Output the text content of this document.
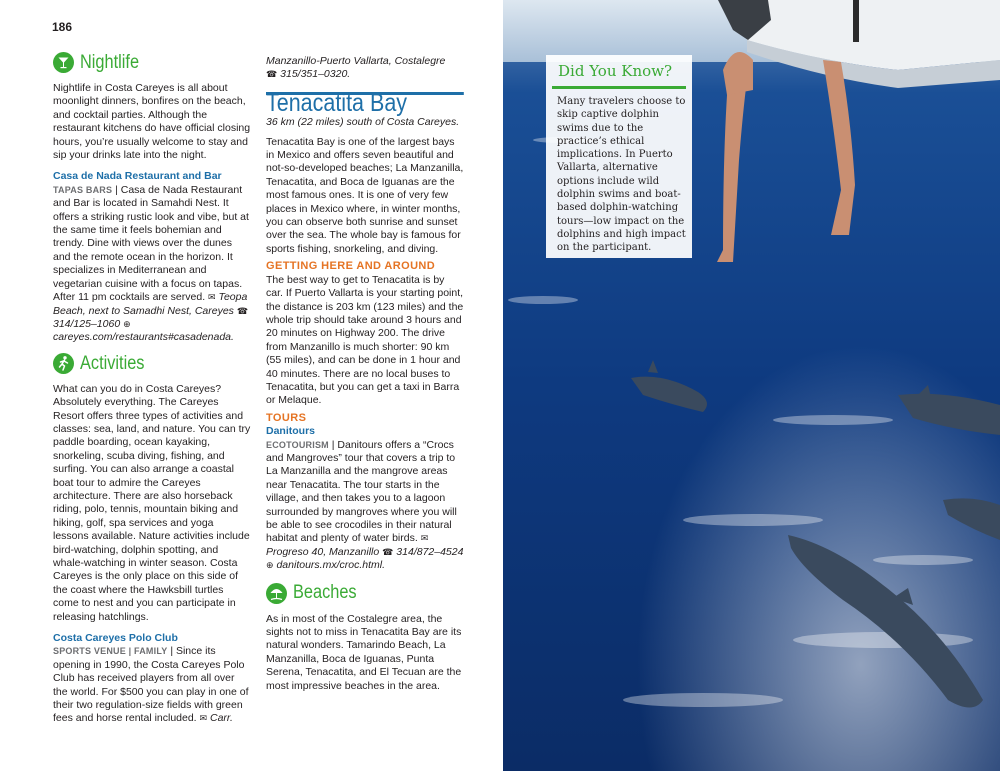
186
Nightlife

Nightlife in Costa Careyes is all about moonlight dinners, bonfires on the beach, and cocktail parties. Although the restaurant kitchens do have official closing hours, you’re usually welcome to stay and sip your drinks late into the night.

Casa de Nada Restaurant and Bar

TAPAS BARS | Casa de Nada Restaurant and Bar is located in Samahdi Nest. It offers a striking rustic look and vibe, but at the same time it feels bohemian and trendy. Dine with views over the dunes and the remote ocean in the horizon. It specializes in Mediterranean and vegetarian cuisine with a focus on tapas. After 11 pm cocktails are served. ✉ Teopa Beach, next to Samadhi Nest, Careyes ☎ 314/125–1060 ⊕ careyes.com/restaurants#casadenada.

Activities

What can you do in Costa Careyes? Absolutely everything. The Careyes Resort offers three types of activities and classes: sea, land, and nature. You can try paddle boarding, ocean kayaking, snorkeling, scuba diving, fishing, and surfing. You can also arrange a coastal boat tour to admire the Careyes architecture. There are also horseback riding, polo, tennis, mountain biking and hiking, golf, spa services and yoga lessons available. Nature activities include bird-watching, dolphin spotting, and whale-watching in winter season. Costa Careyes is the only place on this side of the coast where the Hawksbill turtles come to nest and you can participate in releasing hatchlings.

Costa Careyes Polo Club

SPORTS VENUE | FAMILY | Since its opening in 1990, the Costa Careyes Polo Club has received players from all over the world. For $500 you can play in one of their two regulation-size fields with green fees and horse rental included. ✉ Carr.

Manzanillo-Puerto Vallarta, Costalegre
☎ 315/351–0320.

Tenacatita Bay

36 km (22 miles) south of Costa Careyes.

Tenacatita Bay is one of the largest bays in Mexico and offers seven beautiful and not-so-developed beaches; La Manzanilla, Tenacatita, and Boca de Iguanas are the most famous ones. It is one of very few places in Mexico where, in winter months, you can observe both sunrise and sunset over the sea. The whole bay is famous for sports fishing, snorkeling, and diving.

GETTING HERE AND AROUND

The best way to get to Tenacatita is by car. If Puerto Vallarta is your starting point, the distance is 203 km (123 miles) and the whole trip should take around 3 hours and 20 minutes on Highway 200. The drive from Manzanillo is much shorter: 90 km (55 miles), and can be done in 1 hour and 40 minutes. There are no local buses to Tenacatita, but you can get a taxi in Barra or Melaque.

TOURS
Danitours

ECOTOURISM | Danitours offers a “Crocs and Mangroves” tour that covers a trip to La Manzanilla and the mangrove areas near Tenacatita. The tour starts in the village, and then takes you to a lagoon surrounded by mangroves where you will be able to see crocodiles in their natural habitat and plenty of water birds. ✉ Progreso 40, Manzanillo ☎ 314/872–4524 ⊕ danitours.mx/croc.html.

Beaches

As in most of the Costalegre area, the sights not to miss in Tenacatita Bay are its natural wonders. Tamarindo Beach, La Manzanilla, Boca de Iguanas, Punta Serena, Tenacatita, and El Tecuan are the most impressive beaches in the area.

Did You Know?

Many travelers choose to skip captive dolphin swims due to the practice’s ethical implications. In Puerto Vallarta, alternative options include wild dolphin swims and boat-based dolphin-watching tours—low impact on the dolphins and high impact on the participant.
